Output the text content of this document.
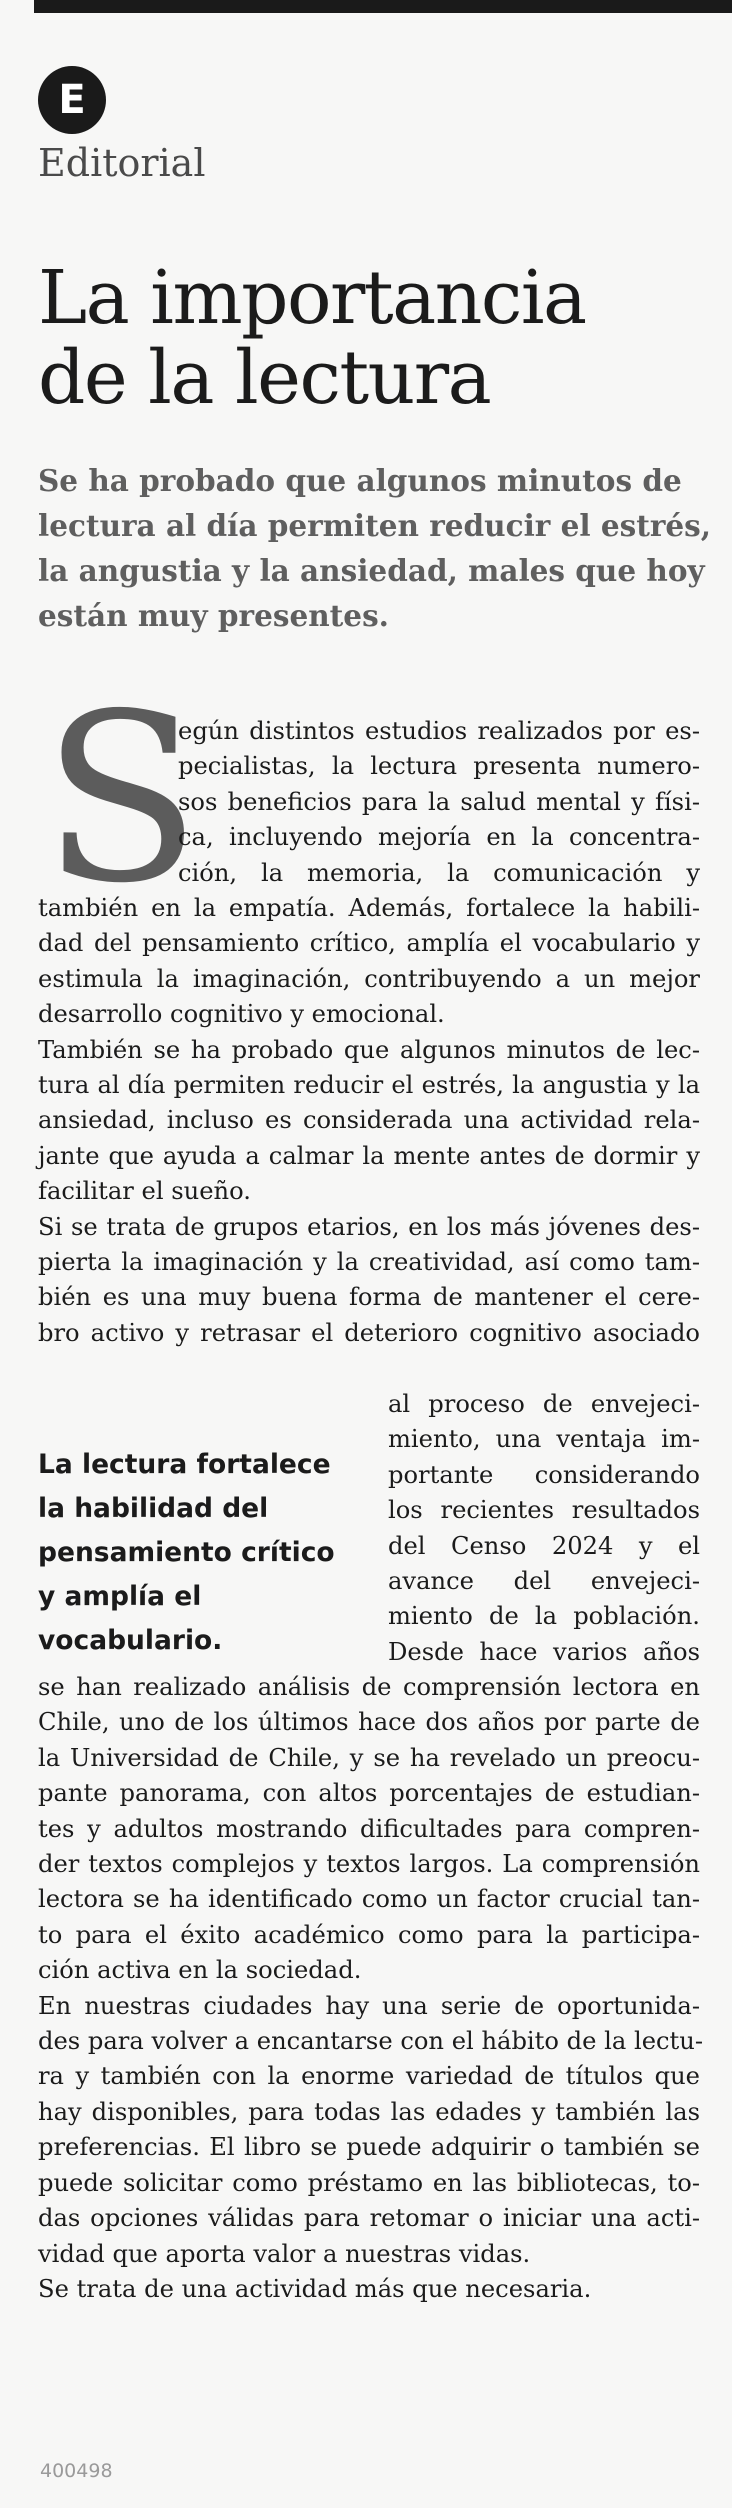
E
Editorial
La importancia
de la lectura
Se ha probado que algunos minutos de
lectura al día permiten reducir el estrés,
la angustia y la ansiedad, males que hoy
están muy presentes.
S
egún distintos estudios realizados por es-
pecialistas, la lectura presenta numero-
sos beneficios para la salud mental y físi-
ca, incluyendo mejoría en la concentra-
ción, la memoria, la comunicación y
también en la empatía. Además, fortalece la habili-
dad del pensamiento crítico, amplía el vocabulario y
estimula la imaginación, contribuyendo a un mejor
desarrollo cognitivo y emocional.
También se ha probado que algunos minutos de lec-
tura al día permiten reducir el estrés, la angustia y la
ansiedad, incluso es considerada una actividad rela-
jante que ayuda a calmar la mente antes de dormir y
facilitar el sueño.
Si se trata de grupos etarios, en los más jóvenes des-
pierta la imaginación y la creatividad, así como tam-
bién es una muy buena forma de mantener el cere-
bro activo y retrasar el deterioro cognitivo asociado
La lectura fortalece
la habilidad del
pensamiento crítico
y amplía el
vocabulario.
al proceso de envejeci-
miento, una ventaja im-
portante considerando
los recientes resultados
del Censo 2024 y el
avance del envejeci-
miento de la población.
Desde hace varios años
se han realizado análisis de comprensión lectora en
Chile, uno de los últimos hace dos años por parte de
la Universidad de Chile, y se ha revelado un preocu-
pante panorama, con altos porcentajes de estudian-
tes y adultos mostrando dificultades para compren-
der textos complejos y textos largos. La comprensión
lectora se ha identificado como un factor crucial tan-
to para el éxito académico como para la participa-
ción activa en la sociedad.
En nuestras ciudades hay una serie de oportunida-
des para volver a encantarse con el hábito de la lectu-
ra y también con la enorme variedad de títulos que
hay disponibles, para todas las edades y también las
preferencias. El libro se puede adquirir o también se
puede solicitar como préstamo en las bibliotecas, to-
das opciones válidas para retomar o iniciar una acti-
vidad que aporta valor a nuestras vidas.
Se trata de una actividad más que necesaria.
400498
